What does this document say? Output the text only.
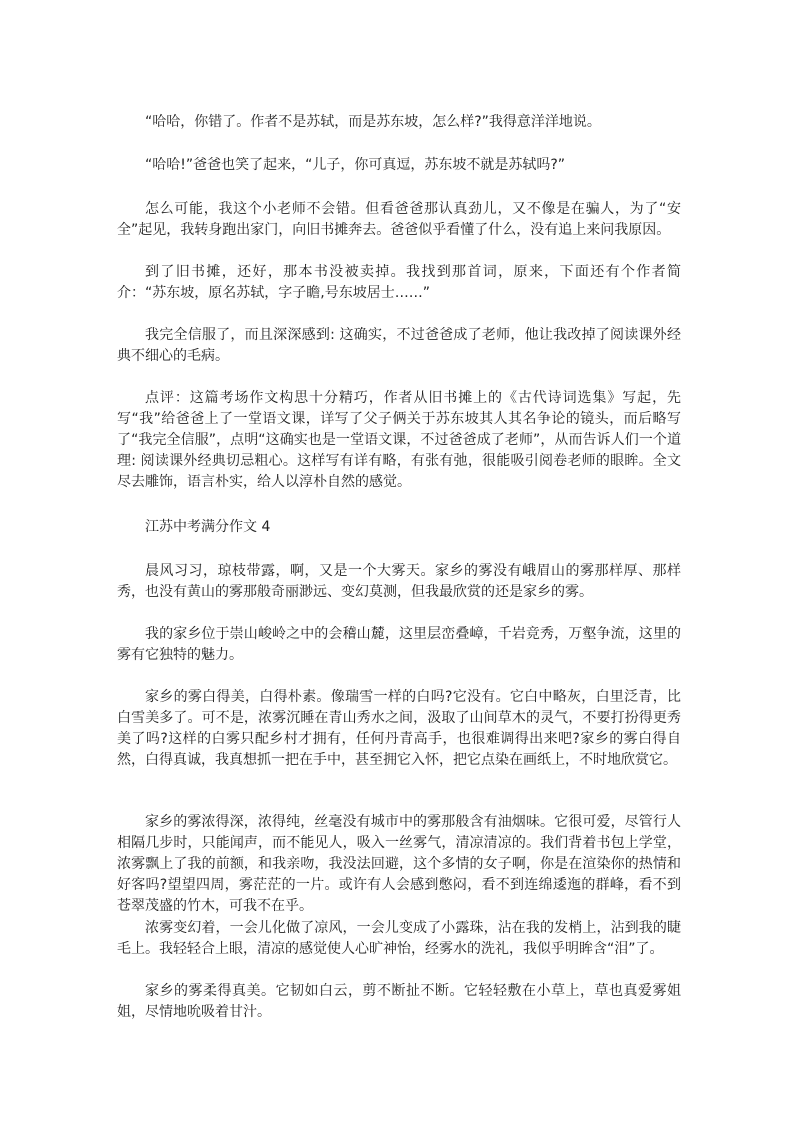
“哈哈，你错了。作者不是苏轼，而是苏东坡，怎么样?”我得意洋洋地说。

“哈哈!”爸爸也笑了起来，“儿子，你可真逗，苏东坡不就是苏轼吗?”

怎么可能，我这个小老师不会错。但看爸爸那认真劲儿，又不像是在骗人，为了“安全”起见，我转身跑出家门，向旧书摊奔去。爸爸似乎看懂了什么，没有追上来问我原因。

到了旧书摊，还好，那本书没被卖掉。我找到那首词，原来，下面还有个作者简介：“苏东坡，原名苏轼，字子瞻,号东坡居士……”

我完全信服了，而且深深感到: 这确实，不过爸爸成了老师，他让我改掉了阅读课外经典不细心的毛病。

点评：这篇考场作文构思十分精巧，作者从旧书摊上的《古代诗词选集》写起，先写“我”给爸爸上了一堂语文课，详写了父子俩关于苏东坡其人其名争论的镜头，而后略写了“我完全信服”，点明“这确实也是一堂语文课，不过爸爸成了老师”，从而告诉人们一个道理: 阅读课外经典切忌粗心。这样写有详有略，有张有弛，很能吸引阅卷老师的眼眸。全文尽去雕饰，语言朴实，给人以淳朴自然的感觉。

江苏中考满分作文 4

晨风习习，琼枝带露，啊，又是一个大雾天。家乡的雾没有峨眉山的雾那样厚、那样秀，也没有黄山的雾那般奇丽渺远、变幻莫测，但我最欣赏的还是家乡的雾。

我的家乡位于崇山峻岭之中的会稽山麓，这里层峦叠嶂，千岩竞秀，万壑争流，这里的雾有它独特的魅力。

家乡的雾白得美，白得朴素。像瑞雪一样的白吗?它没有。它白中略灰，白里泛青，比白雪美多了。可不是，浓雾沉睡在青山秀水之间，汲取了山间草木的灵气，不要打扮得更秀美了吗?这样的白雾只配乡村才拥有，任何丹青高手，也很难调得出来吧?家乡的雾白得自然，白得真诚，我真想抓一把在手中，甚至拥它入怀，把它点染在画纸上，不时地欣赏它。

家乡的雾浓得深，浓得纯，丝毫没有城市中的雾那般含有油烟味。它很可爱，尽管行人相隔几步时，只能闻声，而不能见人，吸入一丝雾气，清凉清凉的。我们背着书包上学堂，浓雾飘上了我的前额，和我亲吻，我没法回避，这个多情的女子啊，你是在渲染你的热情和好客吗?望望四周，雾茫茫的一片。或许有人会感到憋闷，看不到连绵逶迤的群峰，看不到苍翠茂盛的竹木，可我不在乎。

浓雾变幻着，一会儿化做了凉风，一会儿变成了小露珠，沾在我的发梢上，沾到我的睫毛上。我轻轻合上眼，清凉的感觉使人心旷神怡，经雾水的洗礼，我似乎明眸含“泪”了。

家乡的雾柔得真美。它韧如白云，剪不断扯不断。它轻轻敷在小草上，草也真爱雾姐姐，尽情地吮吸着甘汁。
